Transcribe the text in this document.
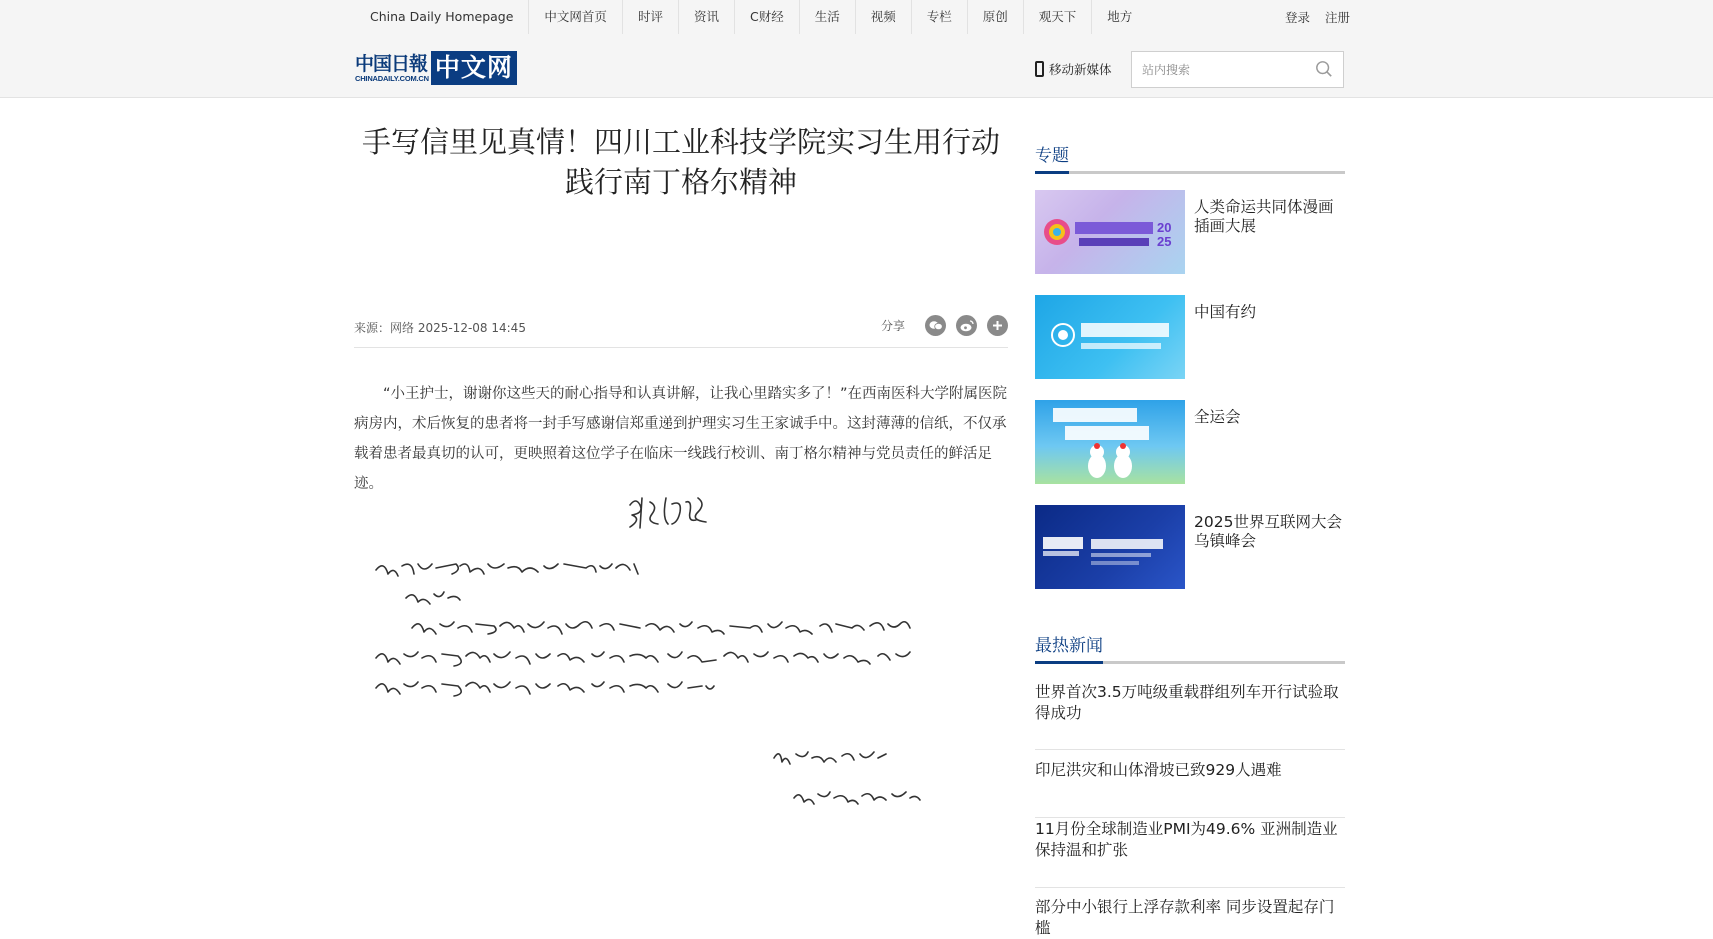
China Daily Homepage	中文网首页	时评	资讯	C财经	生活	视频	专栏	原创	观天下	地方	登录 注册
中国日報
CHINADAILY.COM.CN 中文网	移动新媒体
站内搜索
手写信里见真情！四川工业科技学院实习生用行动践行南丁格尔精神
来源：网络 2025-12-08 14:45	分享

“小王护士，谢谢你这些天的耐心指导和认真讲解，让我心里踏实多了！”在西南医科大学附属医院病房内，术后恢复的患者将一封手写感谢信郑重递到护理实习生王家诚手中。这封薄薄的信纸，不仅承载着患者最真切的认可，更映照着这位学子在临床一线践行校训、南丁格尔精神与党员责任的鲜活足迹。

专题
20
25
人类命运共同体漫画插画大展
中国有约
全运会
2025世界互联网大会乌镇峰会
最热新闻
世界首次3.5万吨级重载群组列车开行试验取得成功
印尼洪灾和山体滑坡已致929人遇难
11月份全球制造业PMI为49.6% 亚洲制造业保持温和扩张
部分中小银行上浮存款利率 同步设置起存门槛
